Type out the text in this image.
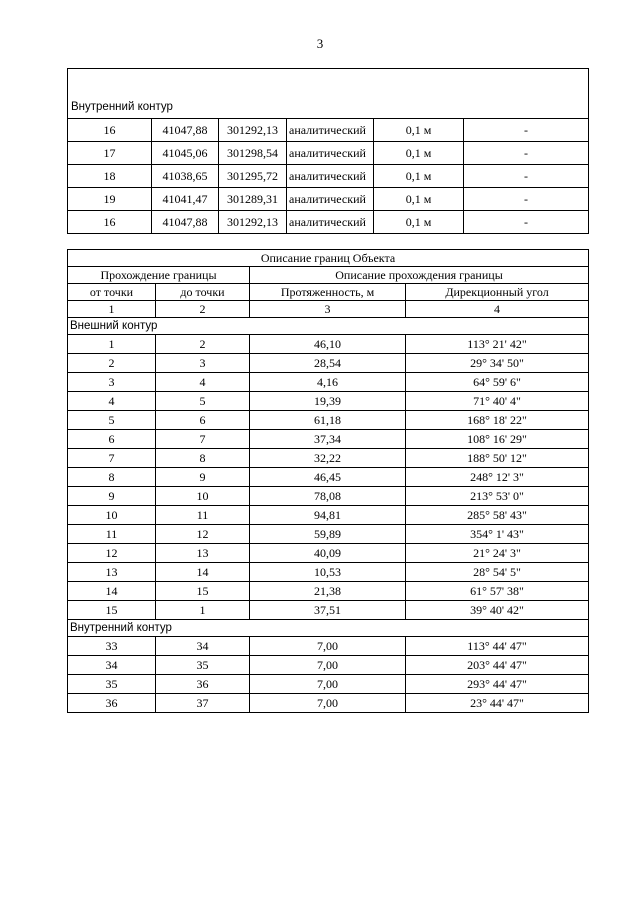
3
Внутренний контур					
16	41047,88	301292,13	аналитический	0,1 м	-
17	41045,06	301298,54	аналитический	0,1 м	-
18	41038,65	301295,72	аналитический	0,1 м	-
19	41041,47	301289,31	аналитический	0,1 м	-
16	41047,88	301292,13	аналитический	0,1 м	-
Описание границ Объекта			
Прохождение границы		Описание прохождения границы	
от точки	до точки	Протяженность, м	Дирекционный угол
1	2	3	4
Внешний контур			
1	2	46,10	113° 21' 42"
2	3	28,54	29° 34' 50"
3	4	4,16	64° 59' 6"
4	5	19,39	71° 40' 4"
5	6	61,18	168° 18' 22"
6	7	37,34	108° 16' 29"
7	8	32,22	188° 50' 12"
8	9	46,45	248° 12' 3"
9	10	78,08	213° 53' 0"
10	11	94,81	285° 58' 43"
11	12	59,89	354° 1' 43"
12	13	40,09	21° 24' 3"
13	14	10,53	28° 54' 5"
14	15	21,38	61° 57' 38"
15	1	37,51	39° 40' 42"
Внутренний контур			
33	34	7,00	113° 44' 47"
34	35	7,00	203° 44' 47"
35	36	7,00	293° 44' 47"
36	37	7,00	23° 44' 47"
